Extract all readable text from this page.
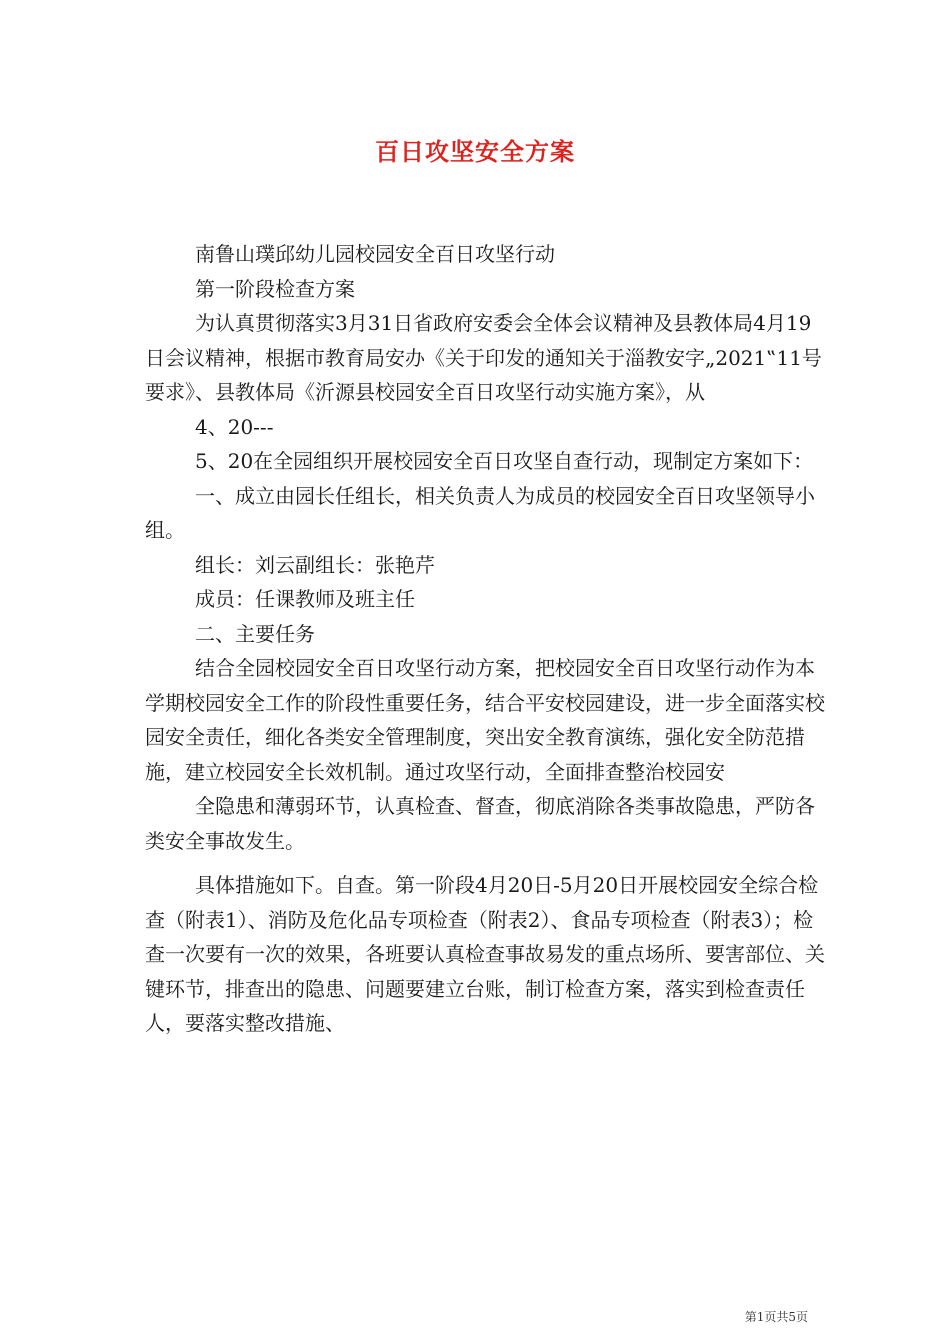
百日攻坚安全方案

南鲁山璞邱幼儿园校园安全百日攻坚行动

第一阶段检查方案

为认真贯彻落实3月31日省政府安委会全体会议精神及县教体局4月19日会议精神，根据市教育局安办《关于印发的通知关于淄教安字„2021‟11号要求》、县教体局《沂源县校园安全百日攻坚行动实施方案》，从

4、20---

5、20在全园组织开展校园安全百日攻坚自查行动，现制定方案如下：

一、成立由园长任组长，相关负责人为成员的校园安全百日攻坚领导小组。

组长：刘云副组长：张艳芹

成员：任课教师及班主任

二、主要任务

结合全园校园安全百日攻坚行动方案，把校园安全百日攻坚行动作为本学期校园安全工作的阶段性重要任务，结合平安校园建设，进一步全面落实校园安全责任，细化各类安全管理制度，突出安全教育演练，强化安全防范措施，建立校园安全长效机制。通过攻坚行动，全面排查整治校园安

全隐患和薄弱环节，认真检查、督查，彻底消除各类事故隐患，严防各类安全事故发生。

具体措施如下。自查。第一阶段4月20日-5月20日开展校园安全综合检查（附表1）、消防及危化品专项检查（附表2）、食品专项检查（附表3）；检查一次要有一次的效果，各班要认真检查事故易发的重点场所、要害部位、关键环节，排查出的隐患、问题要建立台账，制订检查方案，落实到检查责任人，要落实整改措施、

第1页共5页
